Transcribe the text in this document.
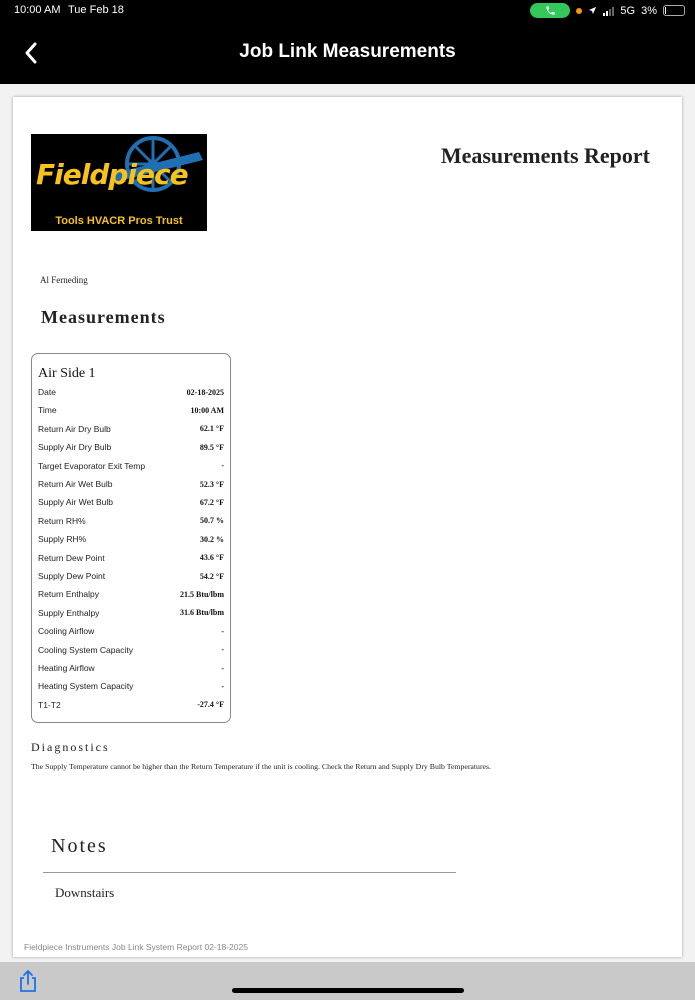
10:00 AM Tue Feb 18	5G 3%
Job Link Measurements
Fieldpiece
Tools HVACR Pros Trust
Measurements Report
Al Ferneding
Measurements
Air Side 1
Date	02-18-2025
Time	10:00 AM
Return Air Dry Bulb	62.1 °F
Supply Air Dry Bulb	89.5 °F
Target Evaporator Exit Temp	-
Return Air Wet Bulb	52.3 °F
Supply Air Wet Bulb	67.2 °F
Return RH%	50.7 %
Supply RH%	30.2 %
Return Dew Point	43.6 °F
Supply Dew Point	54.2 °F
Return Enthalpy	21.5 Btu/lbm
Supply Enthalpy	31.6 Btu/lbm
Cooling Airflow	-
Cooling System Capacity	-
Heating Airflow	-
Heating System Capacity	-
T1-T2	-27.4 °F
Diagnostics
The Supply Temperature cannot be higher than the Return Temperature if the unit is cooling. Check the Return and Supply Dry Bulb Temperatures.
Notes
Downstairs
Fieldpiece Instruments Job Link System Report 02-18-2025
